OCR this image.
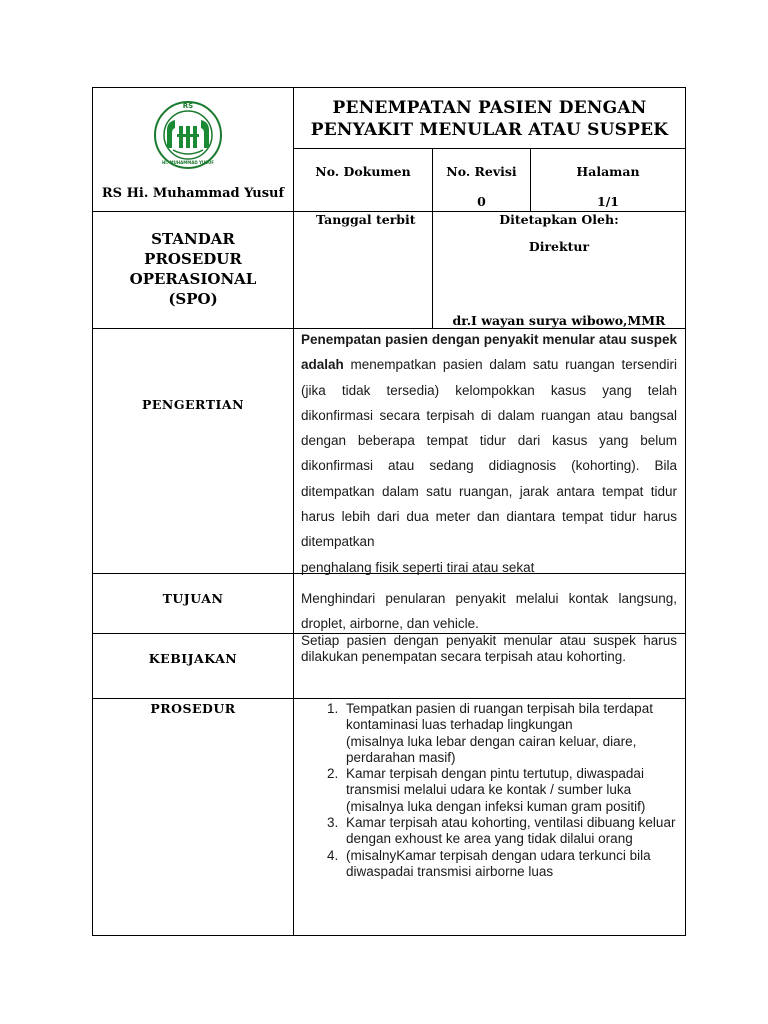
RS
Hi. MUHAMMAD YUSUF
RS Hi. Muhammad Yusuf
PENEMPATAN PASIEN DENGAN
PENYAKIT MENULAR ATAU SUSPEK
No. Dokumen	No. Revisi
0
Halaman
1/1
STANDAR
PROSEDUR
OPERASIONAL
(SPO)
Tanggal terbit	Ditetapkan Oleh:
Direktur
dr.I wayan surya wibowo,MMR
PENGERTIAN
Penempatan pasien dengan penyakit menular atau suspek adalah menempatkan pasien dalam satu ruangan tersendiri (jika tidak tersedia) kelompokkan kasus yang telah dikonfirmasi secara terpisah di dalam ruangan atau bangsal dengan beberapa tempat tidur dari kasus yang belum dikonfirmasi atau sedang didiagnosis (kohorting). Bila ditempatkan dalam satu ruangan, jarak antara tempat tidur harus lebih dari dua meter dan diantara tempat tidur harus ditempatkan
penghalang fisik seperti tirai atau sekat
TUJUAN	Menghindari penularan penyakit melalui kontak langsung, droplet, airborne, dan vehicle.
KEBIJAKAN
Setiap pasien dengan penyakit menular atau suspek harus dilakukan penempatan secara terpisah atau kohorting.
PROSEDUR
1.	Tempatkan pasien di ruangan terpisah bila terdapat kontaminasi luas terhadap lingkungan
(misalnya luka lebar dengan cairan keluar, diare, perdarahan masif)
2. Kamar terpisah dengan pintu tertutup, diwaspadai transmisi melalui udara ke kontak / sumber luka
(misalnya luka dengan infeksi kuman gram positif)
3. Kamar terpisah atau kohorting, ventilasi dibuang keluar dengan exhoust ke area yang tidak dilalui orang
4. (misalnyKamar terpisah dengan udara terkunci bila diwaspadai transmisi airborne luas
